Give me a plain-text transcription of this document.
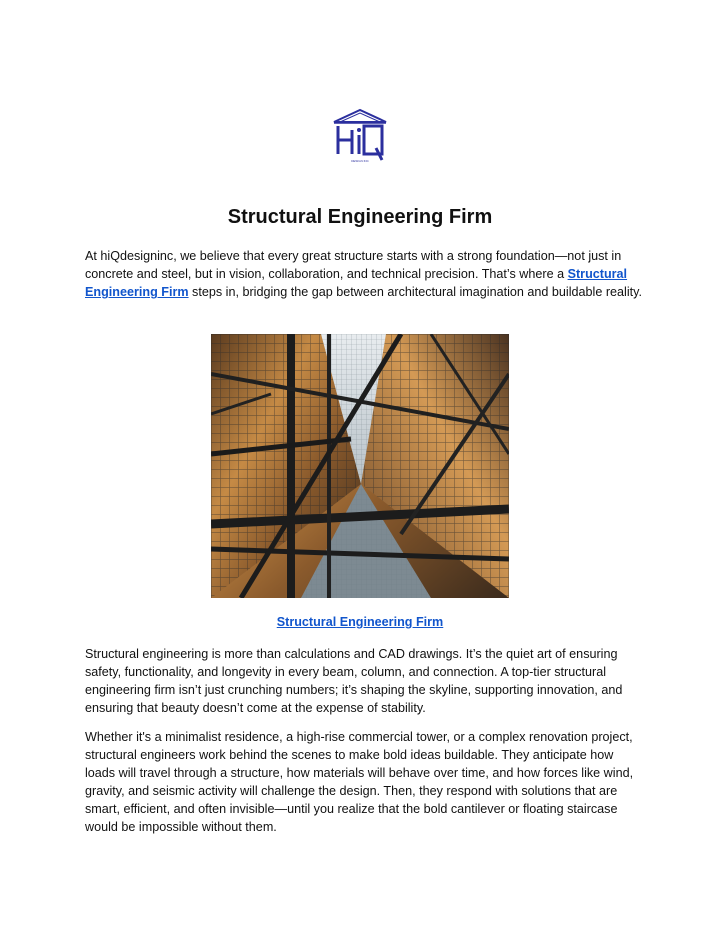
DESIGN INC
Structural Engineering Firm

At hiQdesigninc, we believe that every great structure starts with a strong foundation—not just in concrete and steel, but in vision, collaboration, and technical precision. That’s where a Structural Engineering Firm steps in, bridging the gap between architectural imagination and buildable reality.

Structural Engineering Firm

Structural engineering is more than calculations and CAD drawings. It’s the quiet art of ensuring safety, functionality, and longevity in every beam, column, and connection. A top-tier structural engineering firm isn’t just crunching numbers; it’s shaping the skyline, supporting innovation, and ensuring that beauty doesn’t come at the expense of stability.

Whether it's a minimalist residence, a high-rise commercial tower, or a complex renovation project, structural engineers work behind the scenes to make bold ideas buildable. They anticipate how loads will travel through a structure, how materials will behave over time, and how forces like wind, gravity, and seismic activity will challenge the design. Then, they respond with solutions that are smart, efficient, and often invisible—until you realize that the bold cantilever or floating staircase would be impossible without them.
